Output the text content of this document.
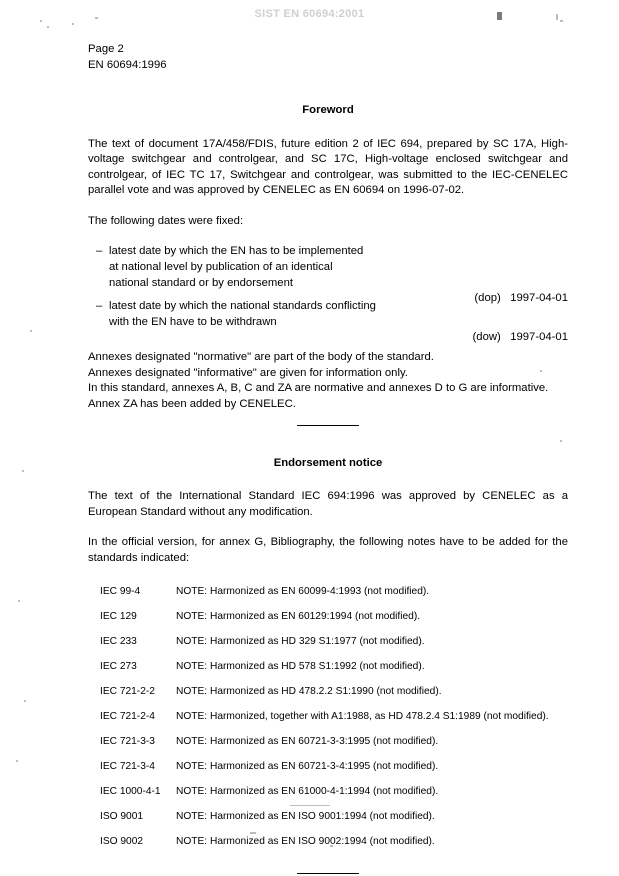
SIST EN 60694:2001
Page 2
EN 60694:1996
Foreword

The text of document 17A/458/FDIS, future edition 2 of IEC 694, prepared by SC 17A, High-voltage switchgear and controlgear, and SC 17C, High-voltage enclosed switchgear and controlgear, of IEC TC 17, Switchgear and controlgear, was submitted to the IEC-CENELEC parallel vote and was approved by CENELEC as EN 60694 on 1996-07-02.

The following dates were fixed:

– latest date by which the EN has to be implemented
at national level by publication of an identical
national standard or by endorsement

(dop) 1997-04-01

– latest date by which the national standards conflicting
with the EN have to be withdrawn

(dow) 1997-04-01

Annexes designated "normative" are part of the body of the standard.
Annexes designated "informative" are given for information only.

In this standard, annexes A, B, C and ZA are normative and annexes D to G are informative.

Annex ZA has been added by CENELEC.
Endorsement notice

The text of the International Standard IEC 694:1996 was approved by CENELEC as a European Standard without any modification.

In the official version, for annex G, Bibliography, the following notes have to be added for the standards indicated:

IEC 99-4	NOTE: Harmonized as EN 60099-4:1993 (not modified).
IEC 129	NOTE: Harmonized as EN 60129:1994 (not modified).
IEC 233	NOTE: Harmonized as HD 329 S1:1977 (not modified).
IEC 273	NOTE: Harmonized as HD 578 S1:1992 (not modified).
IEC 721-2-2 NOTE: Harmonized as HD 478.2.2 S1:1990 (not modified).
IEC 721-2-4 NOTE: Harmonized, together with A1:1988, as HD 478.2.4 S1:1989 (not modified).
IEC 721-3-3 NOTE: Harmonized as EN 60721-3-3:1995 (not modified).
IEC 721-3-4 NOTE: Harmonized as EN 60721-3-4:1995 (not modified).
IEC 1000-4-1 NOTE: Harmonized as EN 61000-4-1:1994 (not modified).
ISO 9001	NOTE: Harmonized as EN ISO 9001:1994 (not modified).
ISO 9002	NOTE: Harmonized as EN ISO 9002:1994 (not modified).
